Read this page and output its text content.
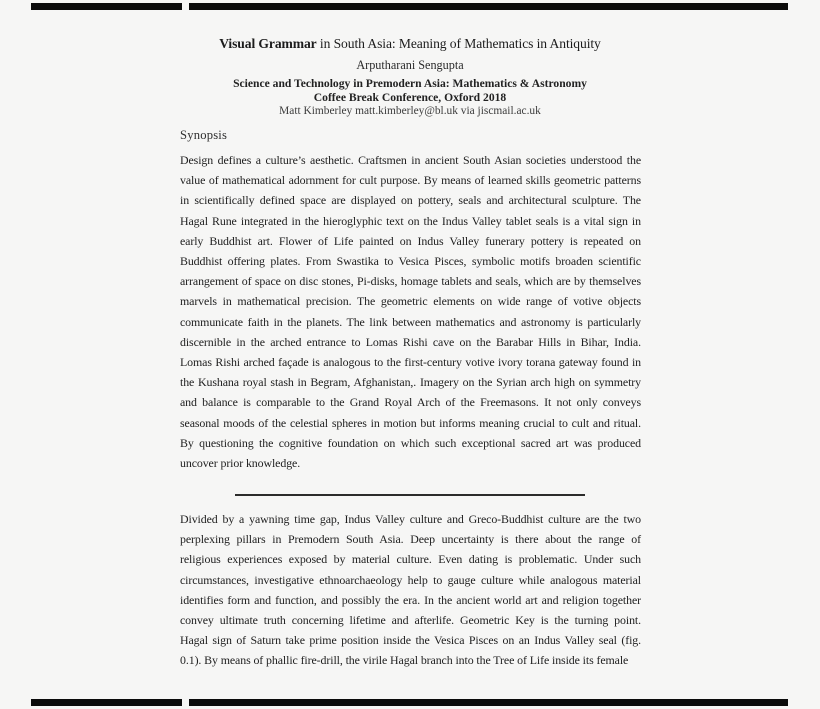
Visual Grammar in South Asia: Meaning of Mathematics in Antiquity
Arputharani Sengupta
Science and Technology in Premodern Asia: Mathematics & Astronomy
Coffee Break Conference, Oxford 2018
Matt Kimberley matt.kimberley@bl.uk via jiscmail.ac.uk
Synopsis
Design defines a culture’s aesthetic. Craftsmen in ancient South Asian societies understood the
value of mathematical adornment for cult purpose. By means of learned skills geometric patterns
in scientifically defined space are displayed on pottery, seals and architectural sculpture. The
Hagal Rune integrated in the hieroglyphic text on the Indus Valley tablet seals is a vital sign in
early Buddhist art. Flower of Life painted on Indus Valley funerary pottery is repeated on
Buddhist offering plates. From Swastika to Vesica Pisces, symbolic motifs broaden scientific
arrangement of space on disc stones, Pi-disks, homage tablets and seals, which are by themselves
marvels in mathematical precision. The geometric elements on wide range of votive objects
communicate faith in the planets. The link between mathematics and astronomy is particularly
discernible in the arched entrance to Lomas Rishi cave on the Barabar Hills in Bihar, India.
Lomas Rishi arched façade is analogous to the first-century votive ivory torana gateway found in
the Kushana royal stash in Begram, Afghanistan,. Imagery on the Syrian arch high on symmetry
and balance is comparable to the Grand Royal Arch of the Freemasons. It not only conveys
seasonal moods of the celestial spheres in motion but informs meaning crucial to cult and ritual.
By questioning the cognitive foundation on which such exceptional sacred art was produced
uncover prior knowledge.
Divided by a yawning time gap, Indus Valley culture and Greco-Buddhist culture are the two
perplexing pillars in Premodern South Asia. Deep uncertainty is there about the range of
religious experiences exposed by material culture. Even dating is problematic. Under such
circumstances, investigative ethnoarchaeology help to gauge culture while analogous material
identifies form and function, and possibly the era. In the ancient world art and religion together
convey ultimate truth concerning lifetime and afterlife. Geometric Key is the turning point.
Hagal sign of Saturn take prime position inside the Vesica Pisces on an Indus Valley seal (fig.
0.1). By means of phallic fire-drill, the virile Hagal branch into the Tree of Life inside its female
